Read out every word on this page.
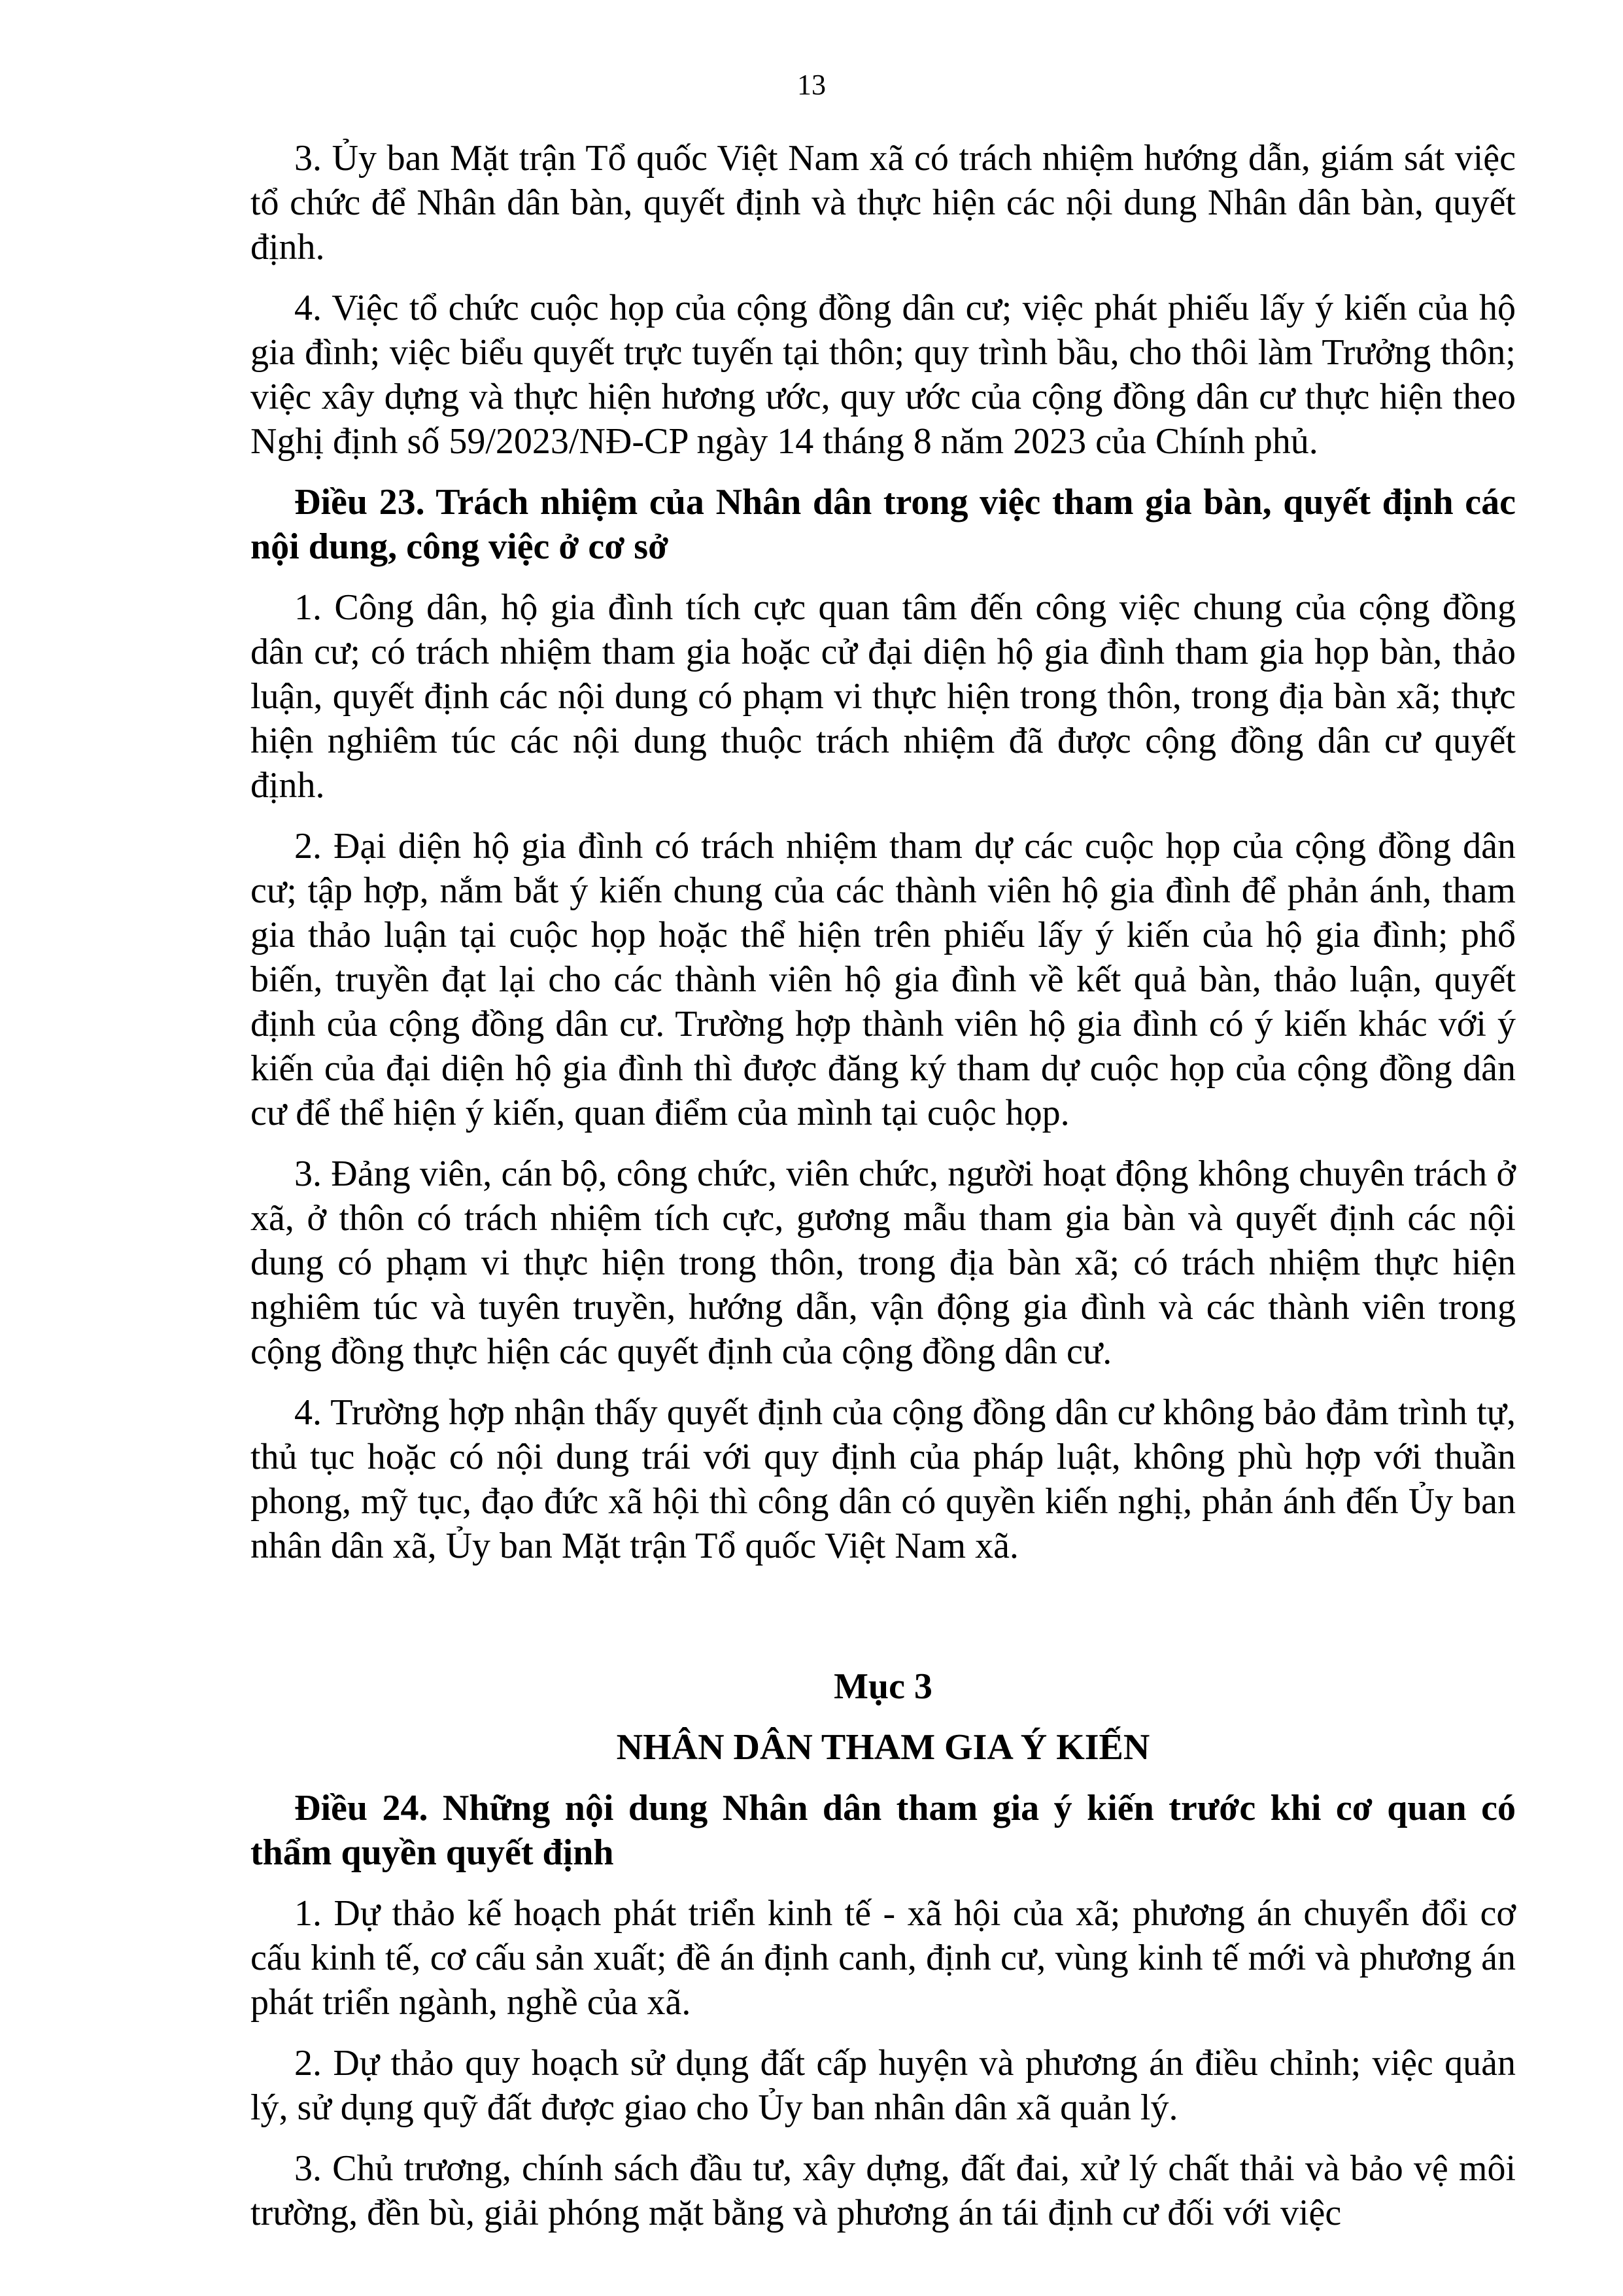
13

3. Ủy ban Mặt trận Tổ quốc Việt Nam xã có trách nhiệm hướng dẫn, giám sát việc tổ chức để Nhân dân bàn, quyết định và thực hiện các nội dung Nhân dân bàn, quyết định.

4. Việc tổ chức cuộc họp của cộng đồng dân cư; việc phát phiếu lấy ý kiến của hộ gia đình; việc biểu quyết trực tuyến tại thôn; quy trình bầu, cho thôi làm Trưởng thôn; việc xây dựng và thực hiện hương ước, quy ước của cộng đồng dân cư thực hiện theo Nghị định số 59/2023/NĐ-CP ngày 14 tháng 8 năm 2023 của Chính phủ.

Điều 23. Trách nhiệm của Nhân dân trong việc tham gia bàn, quyết định các nội dung, công việc ở cơ sở

1. Công dân, hộ gia đình tích cực quan tâm đến công việc chung của cộng đồng dân cư; có trách nhiệm tham gia hoặc cử đại diện hộ gia đình tham gia họp bàn, thảo luận, quyết định các nội dung có phạm vi thực hiện trong thôn, trong địa bàn xã; thực hiện nghiêm túc các nội dung thuộc trách nhiệm đã được cộng đồng dân cư quyết định.

2. Đại diện hộ gia đình có trách nhiệm tham dự các cuộc họp của cộng đồng dân cư; tập hợp, nắm bắt ý kiến chung của các thành viên hộ gia đình để phản ánh, tham gia thảo luận tại cuộc họp hoặc thể hiện trên phiếu lấy ý kiến của hộ gia đình; phổ biến, truyền đạt lại cho các thành viên hộ gia đình về kết quả bàn, thảo luận, quyết định của cộng đồng dân cư. Trường hợp thành viên hộ gia đình có ý kiến khác với ý kiến của đại diện hộ gia đình thì được đăng ký tham dự cuộc họp của cộng đồng dân cư để thể hiện ý kiến, quan điểm của mình tại cuộc họp.

3. Đảng viên, cán bộ, công chức, viên chức, người hoạt động không chuyên trách ở xã, ở thôn có trách nhiệm tích cực, gương mẫu tham gia bàn và quyết định các nội dung có phạm vi thực hiện trong thôn, trong địa bàn xã; có trách nhiệm thực hiện nghiêm túc và tuyên truyền, hướng dẫn, vận động gia đình và các thành viên trong cộng đồng thực hiện các quyết định của cộng đồng dân cư.

4. Trường hợp nhận thấy quyết định của cộng đồng dân cư không bảo đảm trình tự, thủ tục hoặc có nội dung trái với quy định của pháp luật, không phù hợp với thuần phong, mỹ tục, đạo đức xã hội thì công dân có quyền kiến nghị, phản ánh đến Ủy ban nhân dân xã, Ủy ban Mặt trận Tổ quốc Việt Nam xã.

Mục 3
NHÂN DÂN THAM GIA Ý KIẾN

Điều 24. Những nội dung Nhân dân tham gia ý kiến trước khi cơ quan có thẩm quyền quyết định

1. Dự thảo kế hoạch phát triển kinh tế - xã hội của xã; phương án chuyển đổi cơ cấu kinh tế, cơ cấu sản xuất; đề án định canh, định cư, vùng kinh tế mới và phương án phát triển ngành, nghề của xã.

2. Dự thảo quy hoạch sử dụng đất cấp huyện và phương án điều chỉnh; việc quản lý, sử dụng quỹ đất được giao cho Ủy ban nhân dân xã quản lý.

3. Chủ trương, chính sách đầu tư, xây dựng, đất đai, xử lý chất thải và bảo vệ môi trường, đền bù, giải phóng mặt bằng và phương án tái định cư đối với việc
